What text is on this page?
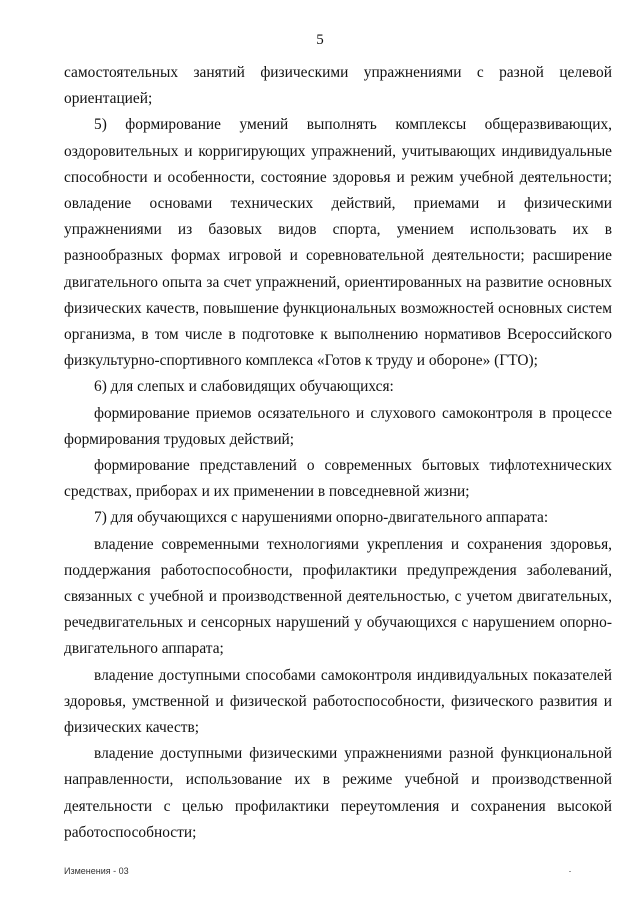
5

самостоятельных занятий физическими упражнениями с разной целевой ориентацией;

5) формирование умений выполнять комплексы общеразвивающих, оздоровительных и корригирующих упражнений, учитывающих индивидуальные способности и особенности, состояние здоровья и режим учебной деятельности; овладение основами технических действий, приемами и физическими упражнениями из базовых видов спорта, умением использовать их в разнообразных формах игровой и соревновательной деятельности; расширение двигательного опыта за счет упражнений, ориентированных на развитие основных физических качеств, повышение функциональных возможностей основных систем организма, в том числе в подготовке к выполнению нормативов Всероссийского физкультурно-спортивного комплекса «Готов к труду и обороне» (ГТО);

6) для слепых и слабовидящих обучающихся:

формирование приемов осязательного и слухового самоконтроля в процессе формирования трудовых действий;

формирование представлений о современных бытовых тифлотехнических средствах, приборах и их применении в повседневной жизни;

7) для обучающихся с нарушениями опорно-двигательного аппарата:

владение современными технологиями укрепления и сохранения здоровья, поддержания работоспособности, профилактики предупреждения заболеваний, связанных с учебной и производственной деятельностью, с учетом двигательных, речедвигательных и сенсорных нарушений у обучающихся с нарушением опорно-двигательного аппарата;

владение доступными способами самоконтроля индивидуальных показателей здоровья, умственной и физической работоспособности, физического развития и физических качеств;

владение доступными физическими упражнениями разной функциональной направленности, использование их в режиме учебной и производственной деятельности с целью профилактики переутомления и сохранения высокой работоспособности;

Изменения - 03
